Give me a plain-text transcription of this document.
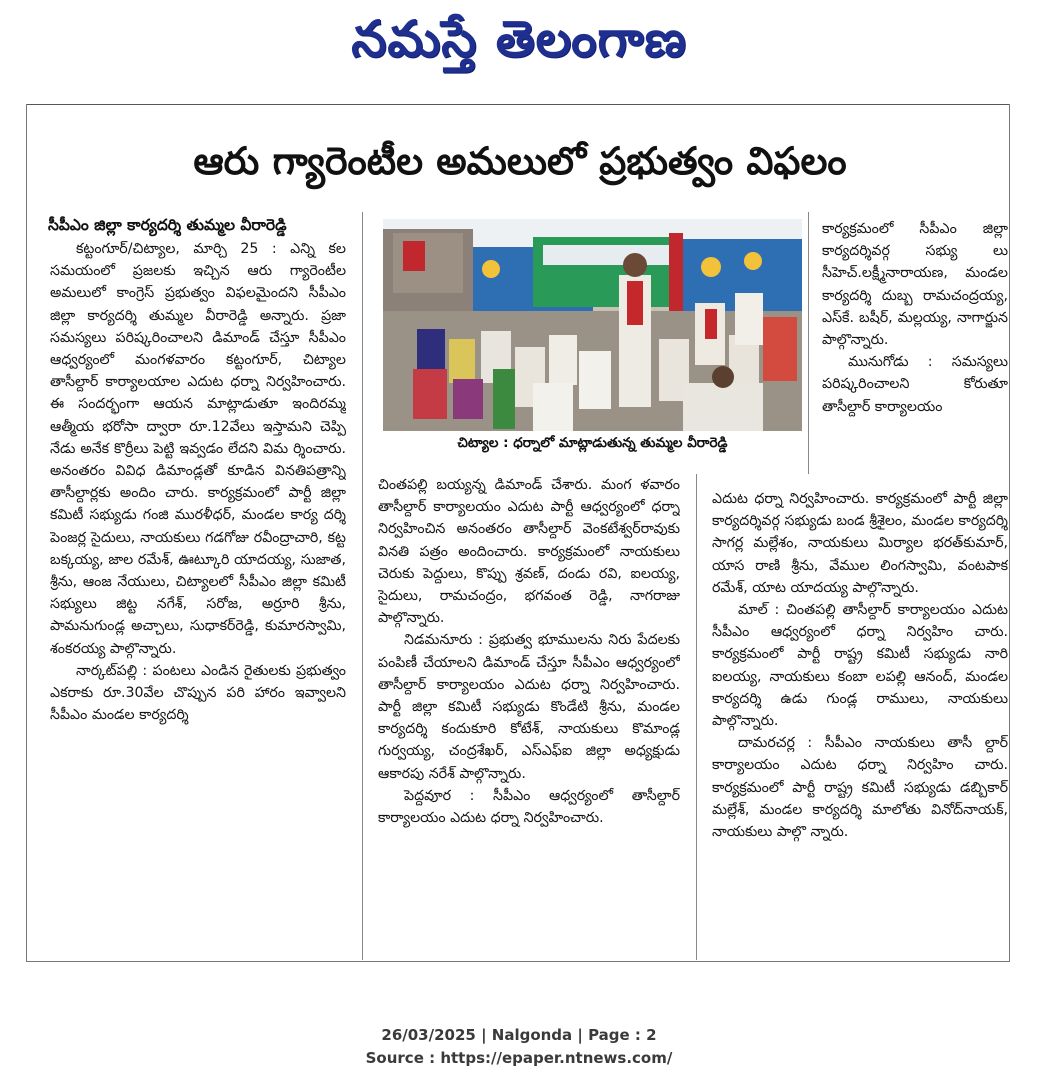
నమస్తే తెలంగాణ
ఆరు గ్యారెంటీల అమలులో ప్రభుత్వం విఫలం
సీపీఎం జిల్లా కార్యదర్శి తుమ్మల వీరారెడ్డి

కట్టంగూర్/చిట్యాల, మార్చి 25 : ఎన్ని కల సమయంలో ప్రజలకు ఇచ్చిన ఆరు గ్యారెంటీల అమలులో కాంగ్రెస్ ప్రభుత్వం విఫలమైందని సీపీఎం జిల్లా కార్యదర్శి తుమ్మల వీరారెడ్డి అన్నారు. ప్రజా సమస్యలు పరిష్కరించాలని డిమాండ్ చేస్తూ సీపీఎం ఆధ్వర్యంలో మంగళవారం కట్టంగూర్, చిట్యాల తాసీల్దార్ కార్యాలయాల ఎదుట ధర్నా నిర్వహించారు. ఈ సందర్భంగా ఆయన మాట్లాడుతూ ఇందిరమ్మ ఆత్మీయ భరోసా ద్వారా రూ.12వేలు ఇస్తామని చెప్పి నేడు అనేక కొర్రీలు పెట్టి ఇవ్వడం లేదని విమ ర్శించారు. అనంతరం వివిధ డిమాండ్లతో కూడిన వినతిపత్రాన్ని తాసీల్దార్లకు అందిం చారు. కార్యక్రమంలో పార్టీ జిల్లా కమిటీ సభ్యుడు గంజి మురళీధర్, మండల కార్య దర్శి పెంజర్ల సైదులు, నాయకులు గడగోజు రవీంద్రాచారి, కట్ట బక్కయ్య, జాల రమేశ్, ఊట్కూరి యాదయ్య, సుజాత, శ్రీను, ఆంజ నేయులు, చిట్యాలలో సీపీఎం జిల్లా కమిటీ సభ్యులు జిట్ట నగేశ్, సరోజ, అర్రూరి శ్రీను, పామనుగుండ్ల అచ్చాలు, సుధాకర్‌రెడ్డి, కుమారస్వామి, శంకరయ్య పాల్గొన్నారు.

నార్కట్‌పల్లి : పంటలు ఎండిన రైతులకు ప్రభుత్వం ఎకరాకు రూ.30వేల చొప్పున పరి హారం ఇవ్వాలని సీపీఎం మండల కార్యదర్శి

చిట్యాల : ధర్నాలో మాట్లాడుతున్న తుమ్మల వీరారెడ్డి

చింతపల్లి బయ్యన్న డిమాండ్ చేశారు. మంగ ళవారం తాసీల్దార్ కార్యాలయం ఎదుట పార్టీ ఆధ్వర్యంలో ధర్నా నిర్వహించిన అనంతరం తాసీల్దార్ వెంకటేశ్వర్‌రావుకు వినతి పత్రం అందించారు. కార్యక్రమంలో నాయకులు చెరుకు పెద్దులు, కొప్పు శ్రవణ్, దండు రవి, ఐలయ్య, సైదులు, రామచంద్రం, భగవంత రెడ్డి, నాగరాజు పాల్గొన్నారు.

నిడమనూరు : ప్రభుత్వ భూములను నిరు పేదలకు పంపిణీ చేయాలని డిమాండ్ చేస్తూ సీపీఎం ఆధ్వర్యంలో తాసీల్దార్ కార్యాలయం ఎదుట ధర్నా నిర్వహించారు. పార్టీ జిల్లా కమిటీ సభ్యుడు కొండేటి శ్రీను, మండల కార్యదర్శి కందుకూరి కోటేశ్, నాయకులు కొమాండ్ల గుర్వయ్య, చంద్రశేఖర్, ఎస్‌ఎఫ్ఐ జిల్లా అధ్యక్షుడు ఆకారపు నరేశ్ పాల్గొన్నారు.

పెద్దవూర : సీపీఎం ఆధ్వర్యంలో తాసీల్దార్ కార్యాలయం ఎదుట ధర్నా నిర్వహించారు.

కార్యక్రమంలో సీపీఎం జిల్లా కార్యదర్శివర్గ సభ్యు లు సీహెచ్.లక్ష్మీనారాయణ, మండల కార్యదర్శి దుబ్బ రామచంద్రయ్య, ఎస్‌కే. బషీర్, మల్లయ్య, నాగార్జున పాల్గొన్నారు.

మునుగోడు : సమస్యలు పరిష్కరించాలని కోరుతూ తాసీల్దార్ కార్యాలయం

ఎదుట ధర్నా నిర్వహించారు. కార్యక్రమంలో పార్టీ జిల్లా కార్యదర్శివర్గ సభ్యుడు బండ శ్రీశైలం, మండల కార్యదర్శి సాగర్ల మల్లేశం, నాయకులు మిర్యాల భరత్‌కుమార్, యాస రాణి శ్రీను, వేముల లింగస్వామి, వంటపాక రమేశ్, యాట యాదయ్య పాల్గొన్నారు.

మాల్ : చింతపల్లి తాసీల్దార్ కార్యాలయం ఎదుట సీపీఎం ఆధ్వర్యంలో ధర్నా నిర్వహిం చారు. కార్యక్రమంలో పార్టీ రాష్ట్ర కమిటీ సభ్యుడు నారి ఐలయ్య, నాయకులు కంబా లపల్లి ఆనంద్, మండల కార్యదర్శి ఉడు గుండ్ల రాములు, నాయకులు పాల్గొన్నారు.

దామరచర్ల : సీపీఎం నాయకులు తాసీ ల్దార్ కార్యాలయం ఎదుట ధర్నా నిర్వహిం చారు. కార్యక్రమంలో పార్టీ రాష్ట్ర కమిటీ సభ్యుడు డబ్బికార్ మల్లేశ్, మండల కార్యదర్శి మాలోతు వినోద్‌నాయక్, నాయకులు పాల్గొ న్నారు.

26/03/2025 | Nalgonda | Page : 2
Source : https://epaper.ntnews.com/
